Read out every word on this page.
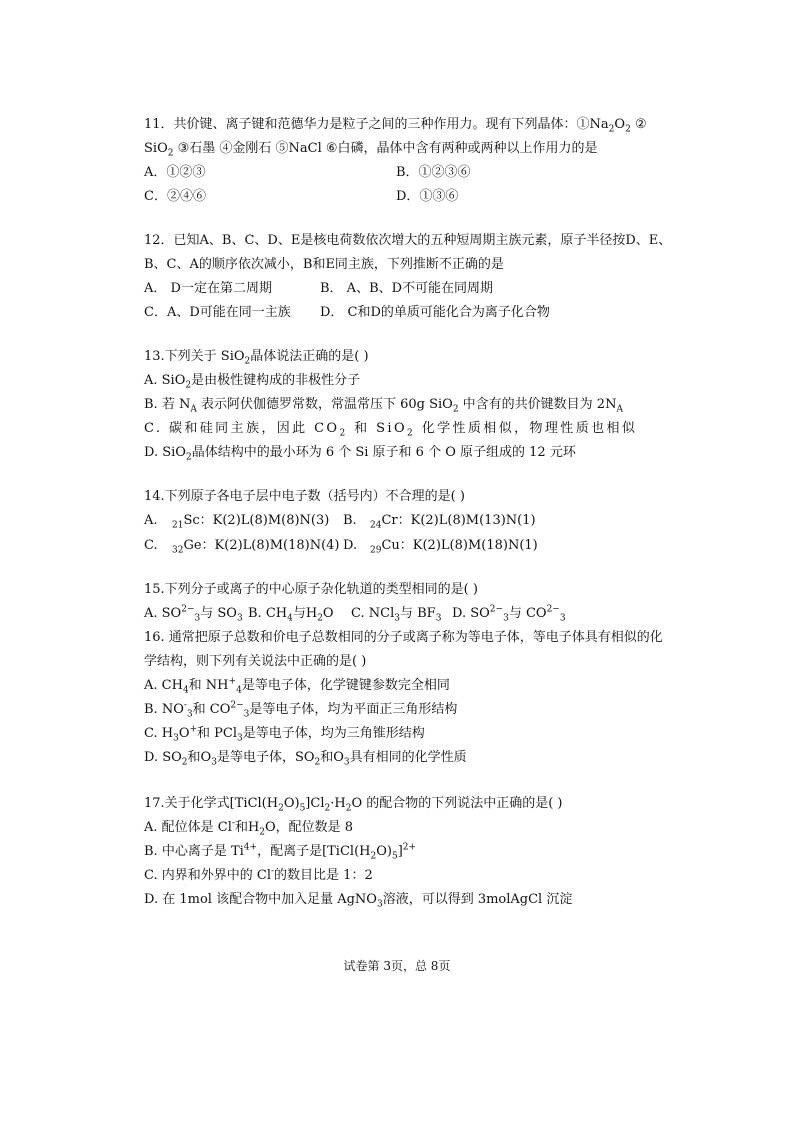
11．共价键、离子键和范德华力是粒子之间的三种作用力。现有下列晶体：$①Na_2O_2$ ②
SiO$_2$ ③石墨 ④金刚石 ⑤NaCl ⑥白磷，晶体中含有两种或两种以上作用力的是
A．①②③	B．①②③⑥
C．②④⑥	D．①③⑥
12．已知A、B、C、D、E是核电荷数依次增大的五种短周期主族元素，原子半径按D、E、
B、C、A的顺序依次减小，B和E同主族，下列推断不正确的是
A． D一定在第二周期	B． A、B、D不可能在同周期
C．A、D可能在同一主族 D． C和D的单质可能化合为离子化合物
13.下列关于 SiO$_2$晶体说法正确的是( )
A. SiO$_2$是由极性键构成的非极性分子
B. 若 $N_A$ 表示阿伏伽德罗常数，常温常压下 60g SiO$_2$ 中含有的共价键数目为 $2N_A$
C. 碳和硅同主族，因此 $CO_2$ 和 SiO$_2$ 化学性质相似，物理性质也相似
D. SiO$_2$晶体结构中的最小环为 6 个 Si 原子和 6 个 O 原子组成的 12 元环
14.下列原子各电子层中电子数（括号内）不合理的是( )
A. $_{21}$Sc：K(2)L(8)M(8)N(3) B. $_{24}$Cr：K(2)L(8)M(13)N(1)
C. $_{32}$Ge：K(2)L(8)M(18)N(4) D. $_{29}$Cu：K(2)L(8)M(18)N(1)
15.下列分子或离子的中心原子杂化轨道的类型相同的是( )
A. $SO^{2-}_3$与 $SO_3$ B. $CH_4$与$H_2O$ C. NCl$_3$与 $BF_3$ D. $SO^{2-}_3$与 $CO^{2-}_3$
16. 通常把原子总数和价电子总数相同的分子或离子称为等电子体，等电子体具有相似的化
学结构，则下列有关说法中正确的是( )
A. $CH_4$和 $NH^+_4$是等电子体，化学键键参数完全相同
B. $NO^-_3$和 $CO^{2-}_3$是等电子体，均为平面正三角形结构
C. $H_3O^+$和 PCl$_3$是等电子体，均为三角锥形结构
D. $SO_2$和$O_3$是等电子体，$SO_2$和$O_3$具有相同的化学性质
17.关于化学式$[TiCl(H_2O)_5]Cl_2\cdot H_2O$ 的配合物的下列说法中正确的是( )
A. 配位体是 Cl-和$H_2O$，配位数是 8
B. 中心离子是 $Ti^{4+}$，配离子是$[TiCl(H_2O)_5]^{2+}$
C. 内界和外界中的 Cl-的数目比是 1：2
D. 在 1mol 该配合物中加入足量 AgNO$_3$溶液，可以得到 3molAgCl 沉淀
试卷第 3页，总 8页
